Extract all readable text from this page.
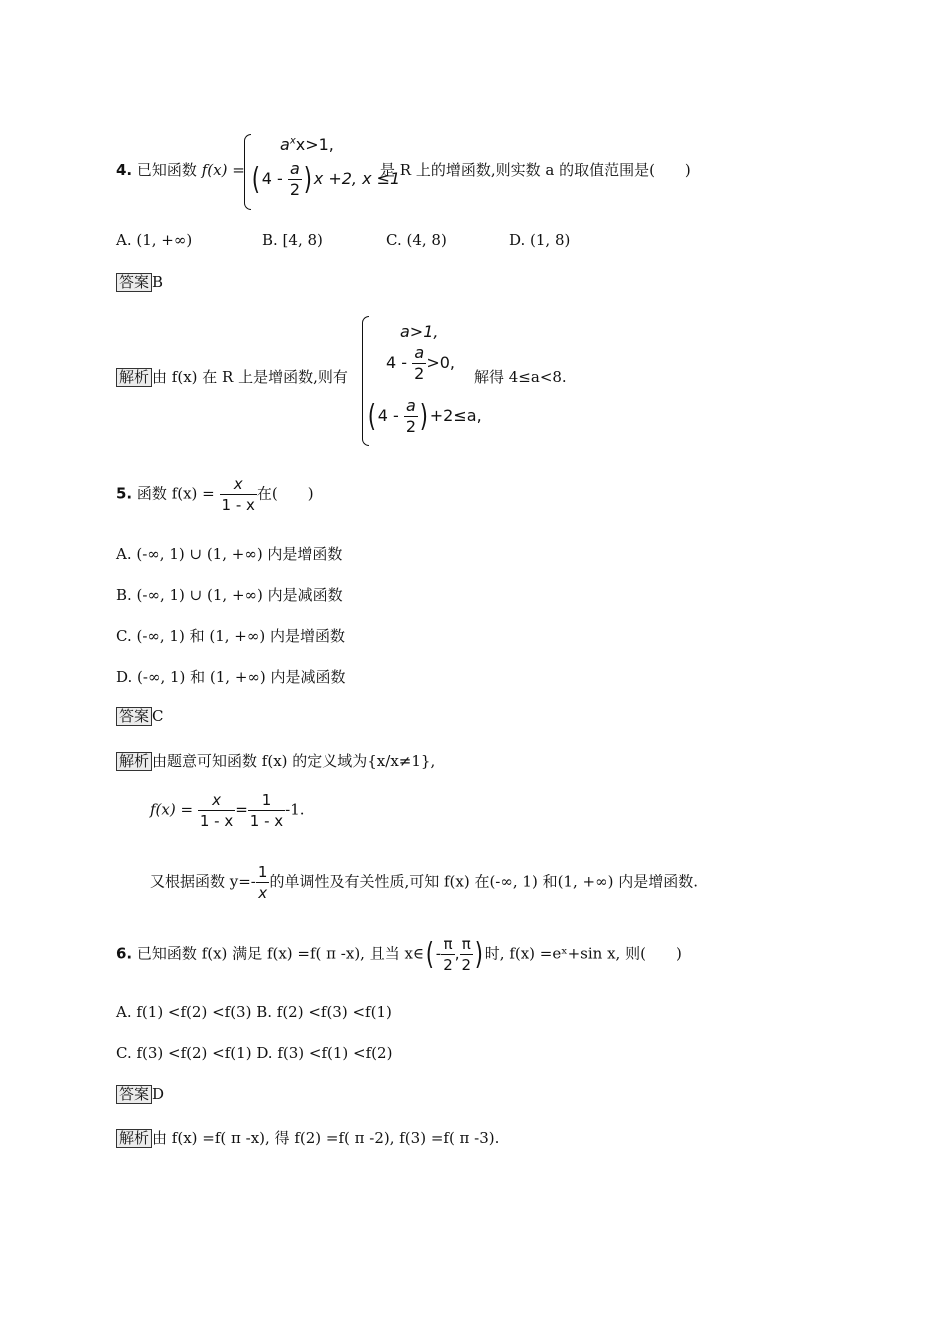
4. 已知函数 f(x) =
$a^xx>1$,
( $4 - \frac{a}{2}$ ) x +2, x ≤1
是 R 上的增函数,则实数 a 的取值范围是(　　)
A. (1, +∞)	B. [4, 8)	C. (4, 8)	D. (1, 8)
答案 B
解析 由 f(x) 在 R 上是增函数,则有
a>1,
$4 - \frac{a}{2} >0$,
( $4 - \frac{a}{2}$ ) +2≤a,
解得 4≤a<8.
5. 函数 $f(x) = \frac{x}{1 - x}$ 在(　　)
A. (-∞, 1) ∪ (1, +∞) 内是增函数
B. (-∞, 1) ∪ (1, +∞) 内是减函数
C. (-∞, 1) 和 (1, +∞) 内是增函数
D. (-∞, 1) 和 (1, +∞) 内是减函数
答案 C
解析 由题意可知函数 f(x) 的定义域为{x/x≠1},
$f(x) = \frac{x}{1 - x} = \frac{1}{1 - x} -1$.
又根据函数 $y=- \frac{1}{x}$ 的单调性及有关性质,可知 f(x) 在(-∞, 1) 和(1, +∞) 内是增函数.
6. 已知函数 f(x) 满足 f(x) =f( π -x), 且当 x∈( - $\frac{\pi}{2}$ , $\frac{\pi}{2}$ ) 时, f(x) =eˣ+sin x, 则(　　)
A. f(1) <f(2) <f(3) B. f(2) <f(3) <f(1)
C. f(3) <f(2) <f(1) D. f(3) <f(1) <f(2)
答案 D
解析 由 f(x) =f( π -x), 得 f(2) =f( π -2), f(3) =f( π -3).
